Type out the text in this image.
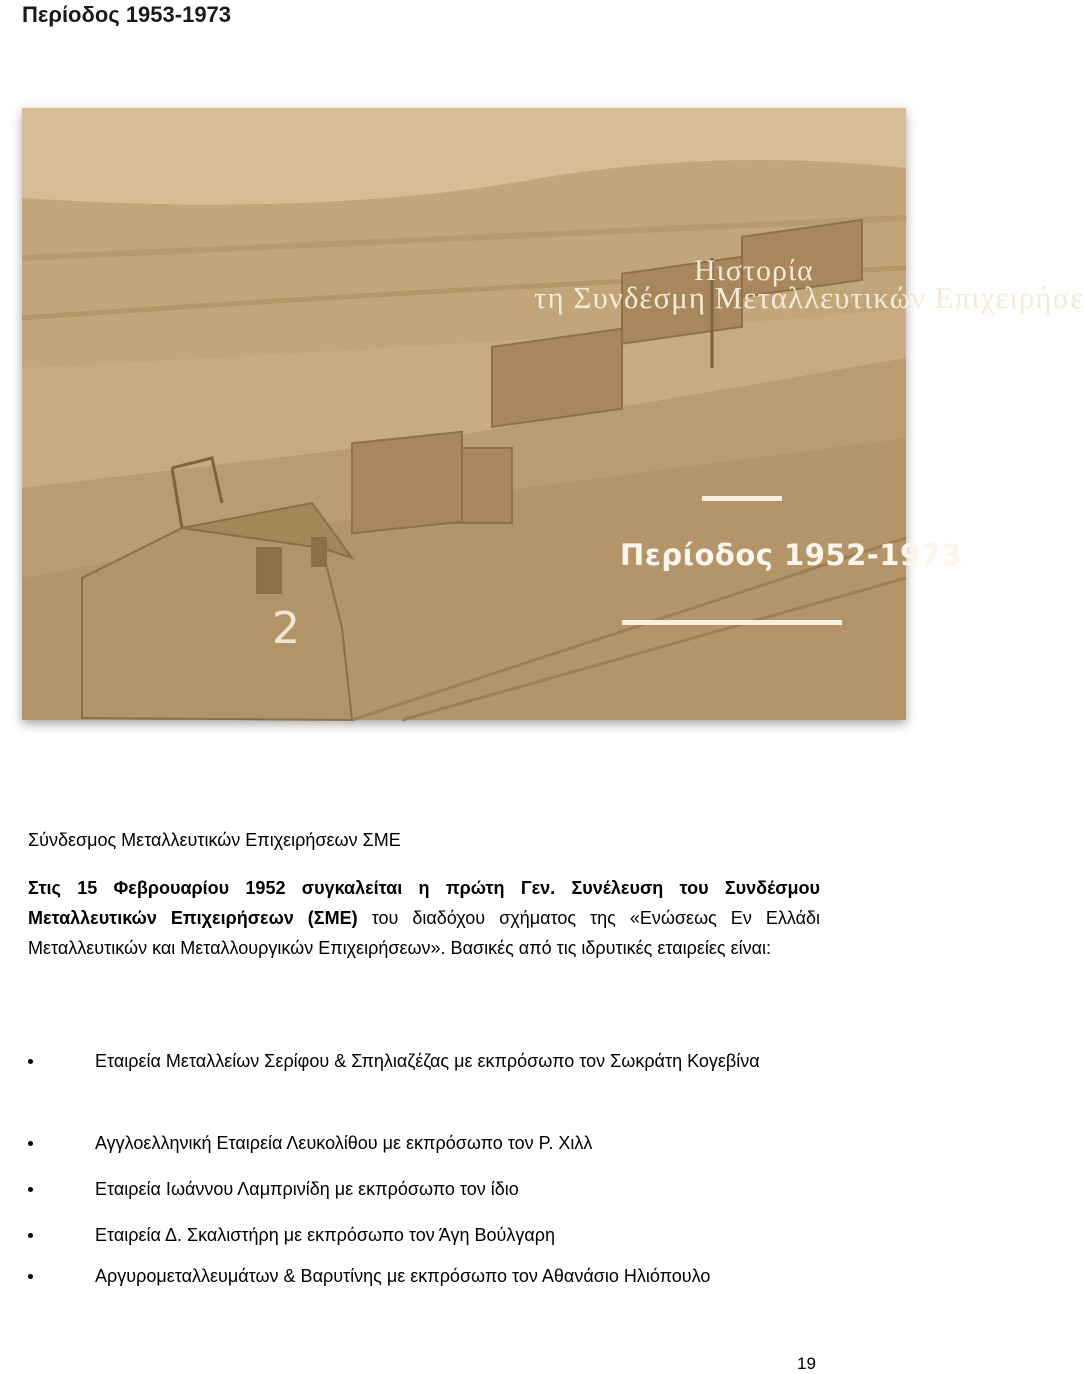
Περίοδος 1953-1973
2
Ηιστορία
τη Συνδέσμη Μεταλλευτικών Επιχειρήσε
Περίοδος 1952-1973

Σύνδεσμος Μεταλλευτικών Επιχειρήσεων ΣΜΕ

Στις 15 Φεβρουαρίου 1952 συγκαλείται η πρώτη Γεν. Συνέλευση του Συνδέσμου Μεταλλευτικών Επιχειρήσεων (ΣΜΕ) του διαδόχου σχήματος της «Ενώσεως Εν Ελλάδι Μεταλλευτικών και Μεταλλουργικών Επιχειρήσεων». Βασικές από τις ιδρυτικές εταιρείες είναι:

Εταιρεία Μεταλλείων Σερίφου & Σπηλιαζέζας με εκπρόσωπο τον Σωκράτη Κογεβίνα
Αγγλοελληνική Εταιρεία Λευκολίθου με εκπρόσωπο τον Ρ. Χιλλ
Εταιρεία Ιωάννου Λαμπρινίδη με εκπρόσωπο τον ίδιο
Εταιρεία Δ. Σκαλιστήρη με εκπρόσωπο τον Άγη Βούλγαρη
Αργυρομεταλλευμάτων & Βαρυτίνης με εκπρόσωπο τον Αθανάσιο Ηλιόπουλο
19
